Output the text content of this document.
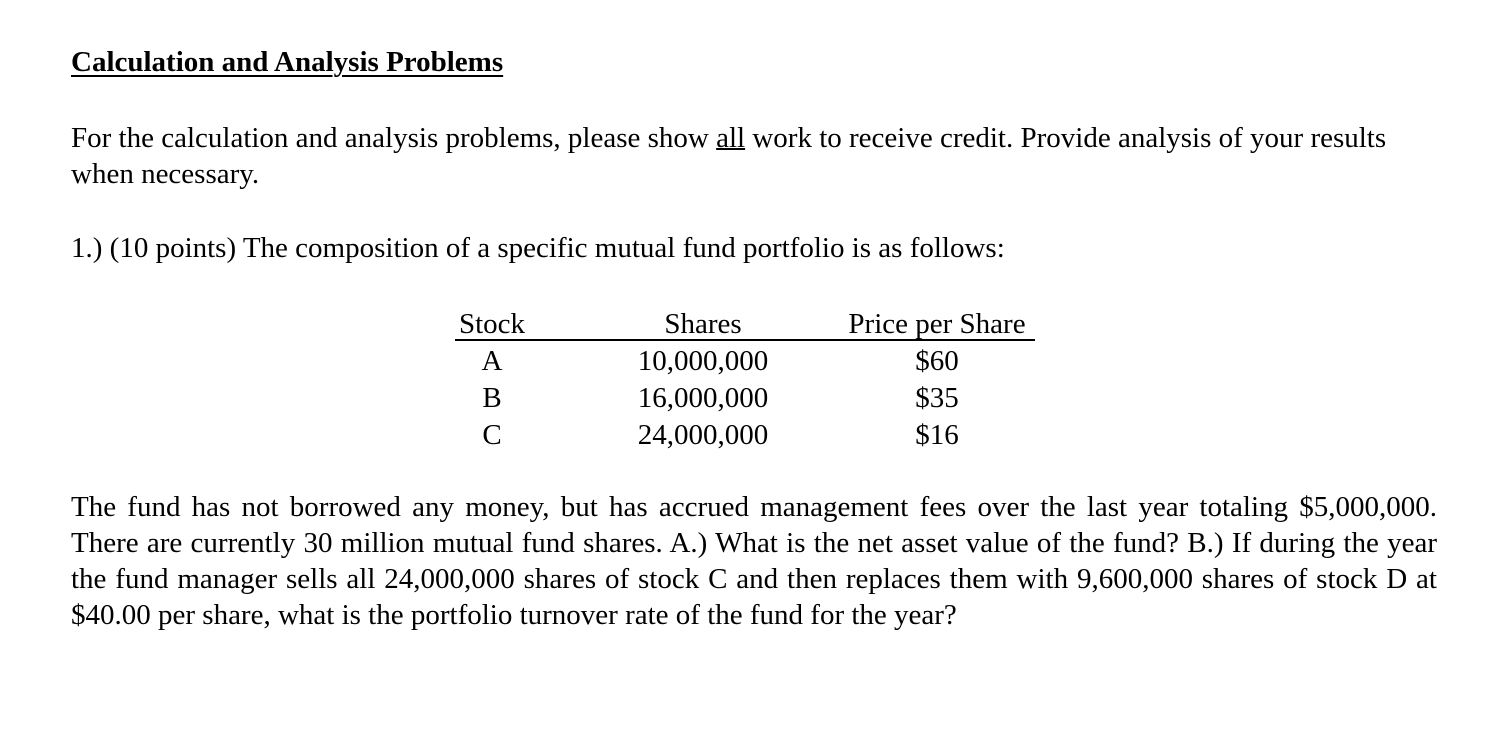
Calculation and Analysis Problems
For the calculation and analysis problems, please show all work to receive credit. Provide analysis of your results when necessary.
1.) (10 points) The composition of a specific mutual fund portfolio is as follows:
Stock
A
B
C
Shares
10,000,000
16,000,000
24,000,000
Price per Share
$60
$35
$16
The fund has not borrowed any money, but has accrued management fees over the last year totaling $5,000,000. There are currently 30 million mutual fund shares. A.) What is the net asset value of the fund? B.) If during the year the fund manager sells all 24,000,000 shares of stock C and then replaces them with 9,600,000 shares of stock D at $40.00 per share, what is the portfolio turnover rate of the fund for the year?
